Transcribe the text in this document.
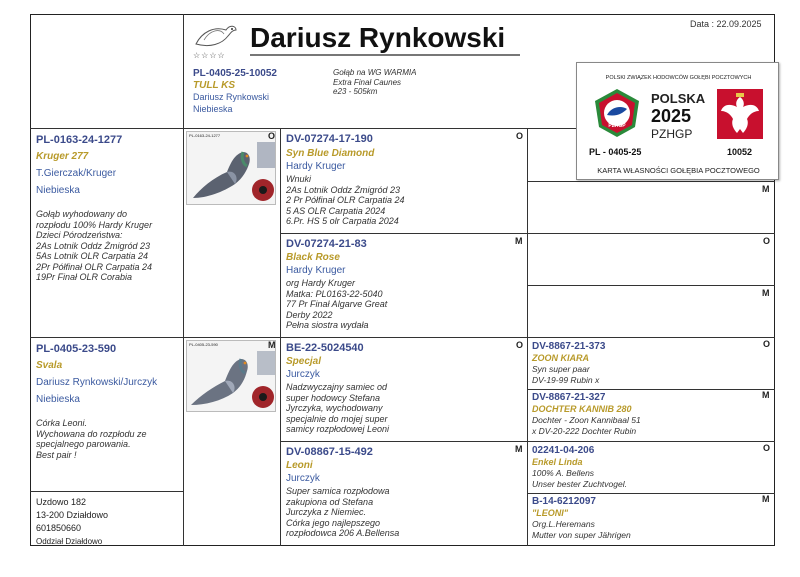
Data : 22.09.2025
☆☆☆☆
Dariusz Rynkowski
PL-0405-25-10052
TULL KS
Dariusz Rynkowski
Niebieska
Gołąb na WG WARMIA
Extra Finał Caunes
e23 - 505km
POLSKI ZWIĄZEK HODOWCÓW GOŁĘBI POCZTOWYCH
PZHGP
POLSKA
2025
PZHGP
PL - 0405-25	10052
KARTA WŁASNOŚCI GOŁĘBIA POCZTOWEGO
PL-0163-24-1277
Kruger 277
T.Gierczak/Kruger
Niebieska
Gołąb wyhodowany do
rozpłodu 100% Hardy Kruger
Dzieci Pórodzeństwa:
2As Lotnik Oddz Żmigród 23
5As Lotnik OLR Carpatia 24
2Pr Półfinał OLR Carpatia 24
19Pr Finał OLR Corabia
PL-0163-24-1277	O
PL-0405-23-590
Svala
Dariusz Rynkowski/Jurczyk
Niebieska
Córka Leoni.
Wychowana do rozpłodu ze
specjalnego parowania.
Best pair !
PL-0405-23-590	M
Uzdowo 182
13-200 Działdowo
601850660
Oddział Działdowo
DV-07274-17-190	O
Syn Blue Diamond
Hardy Kruger
Wnuki
2As Lotnik Oddz Żmigród 23
2 Pr Półfinał OLR Carpatia 24
5 AS OLR Carpatia 2024
6.Pr. HS 5 olr Carpatia 2024
DV-07274-21-83	M
Black Rose
Hardy Kruger
org Hardy Kruger
Matka: PL0163-22-5040
77 Pr Finał Algarve Great
Derby 2022
Pełna siostra wydała
BE-22-5024540	O
Specjal
Jurczyk
Nadzwyczajny samiec od
super hodowcy Stefana
Jyrczyka, wychodowany
specjalnie do mojej super
samicy rozpłodowej Leoni
DV-08867-15-492	M
Leoni
Jurczyk
Super samica rozpłodowa
zakupiona od Stefana
Jurczyka z Niemiec.
Córka jego najlepszego
rozpłodowca 206 A.Bellensa
M
O
M
DV-8867-21-373	O
ZOON KIARA
Syn super paar
DV-19-99 Rubin x
DV-8867-21-327	M
DOCHTER KANNIB 280
Dochter - Zoon Kannibaal 51
x DV-20-222 Dochter Rubin
02241-04-206	O
Enkel Linda
100% A. Bellens
Unser bester Zuchtvogel.
B-14-6212097	M
"LEONI"
Org.L.Heremans
Mutter von super Jährigen
